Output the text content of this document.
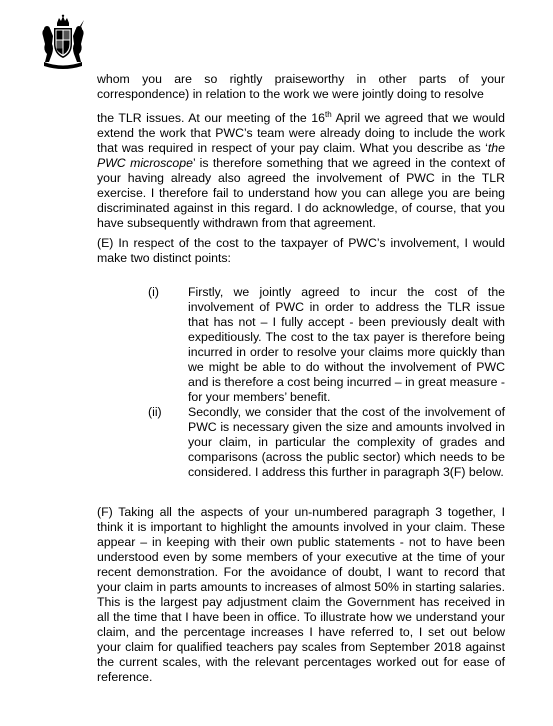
whom you are so rightly praiseworthy in other parts of your
correspondence) in relation to the work we were jointly doing to resolve

the TLR issues. At our meeting of the 16th April we agreed that we would extend the work that PWC’s team were already doing to include the work that was required in respect of your pay claim. What you describe as ‘the PWC microscope’ is therefore something that we agreed in the context of your having already also agreed the involvement of PWC in the TLR exercise. I therefore fail to understand how you can allege you are being discriminated against in this regard. I do acknowledge, of course, that you have subsequently withdrawn from that agreement.

(E) In respect of the cost to the taxpayer of PWC’s involvement, I would make two distinct points:
(i) Firstly, we jointly agreed to incur the cost of the involvement of PWC in order to address the TLR issue that has not – I fully accept - been previously dealt with expeditiously. The cost to the tax payer is therefore being incurred in order to resolve your claims more quickly than we might be able to do without the involvement of PWC and is therefore a cost being incurred – in great measure - for your members’ benefit.
(ii) Secondly, we consider that the cost of the involvement of PWC is necessary given the size and amounts involved in your claim, in particular the complexity of grades and comparisons (across the public sector) which needs to be considered. I address this further in paragraph 3(F) below.
(F) Taking all the aspects of your un-numbered paragraph 3 together, I think it is important to highlight the amounts involved in your claim. These appear – in keeping with their own public statements - not to have been understood even by some members of your executive at the time of your recent demonstration. For the avoidance of doubt, I want to record that your claim in parts amounts to increases of almost 50% in starting salaries. This is the largest pay adjustment claim the Government has received in all the time that I have been in office. To illustrate how we understand your claim, and the percentage increases I have referred to, I set out below your claim for qualified teachers pay scales from September 2018 against the current scales, with the relevant percentages worked out for ease of reference.
